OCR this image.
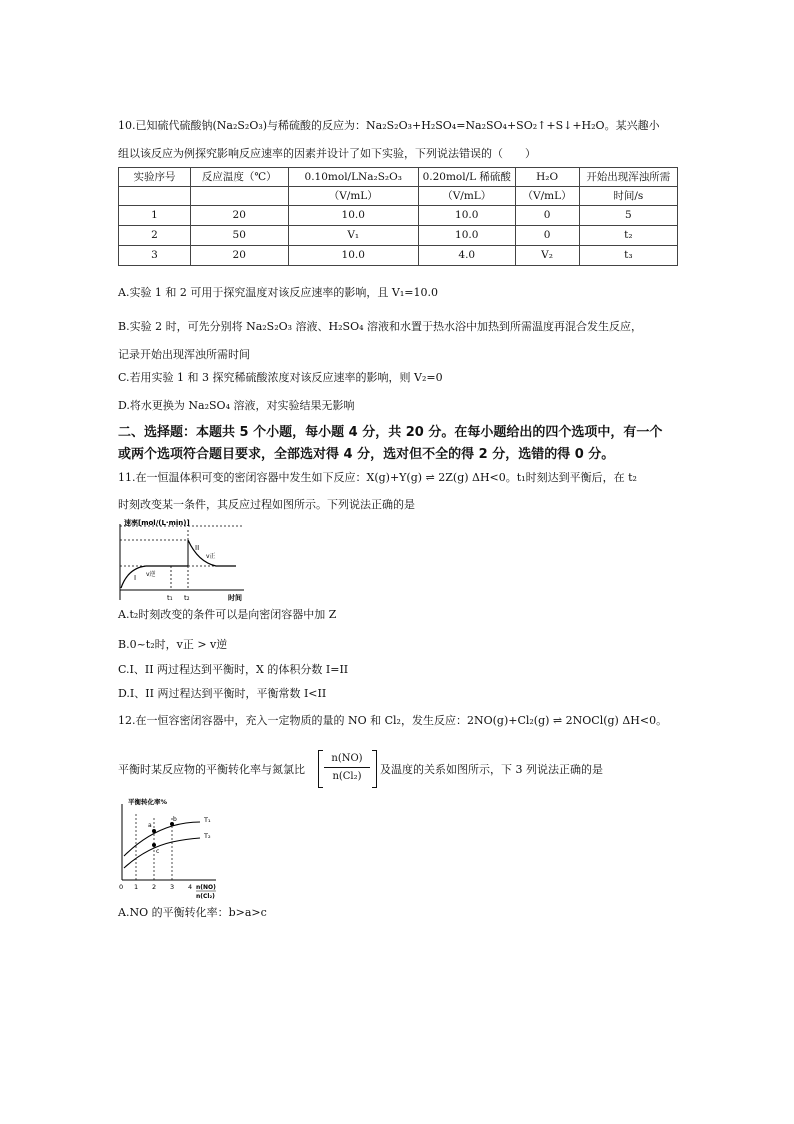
10.已知硫代硫酸钠(Na₂S₂O₃)与稀硫酸的反应为：Na₂S₂O₃+H₂SO₄=Na₂SO₄+SO₂↑+S↓+H₂O。某兴趣小
组以该反应为例探究影响反应速率的因素并设计了如下实验，下列说法错误的（　　）
实验序号	反应温度（℃）	0.10mol/LNa₂S₂O₃	0.20mol/L 稀硫酸	H₂O	开始出现浑浊所需
		（V/mL）	（V/mL）	（V/mL）	时间/s
1	20	10.0	10.0	0	5
2	50	V₁	10.0	0	t₂
3	20	10.0	4.0	V₂	t₃
A.实验 1 和 2 可用于探究温度对该反应速率的影响，且 V₁=10.0
B.实验 2 时，可先分别将 Na₂S₂O₃ 溶液、H₂SO₄ 溶液和水置于热水浴中加热到所需温度再混合发生反应，
记录开始出现浑浊所需时间
C.若用实验 1 和 3 探究稀硫酸浓度对该反应速率的影响，则 V₂=0
D.将水更换为 Na₂SO₄ 溶液，对实验结果无影响
二、选择题：本题共 5 个小题，每小题 4 分，共 20 分。在每小题给出的四个选项中，有一个
或两个选项符合题目要求，全部选对得 4 分，选对但不全的得 2 分，选错的得 0 分。
11.在一恒温体积可变的密闭容器中发生如下反应：X(g)+Y(g) ⇌ 2Z(g) ΔH<0。t₁时刻达到平衡后，在 t₂
时刻改变某一条件，其反应过程如图所示。下列说法正确的是
速率[mol/(L·min)]
I
II
v逆
v正
t₁ t₂	时间
A.t₂时刻改变的条件可以是向密闭容器中加 Z
B.0~t₂时，v正 > v逆
C.I、II 两过程达到平衡时，X 的体积分数 I=II
D.I、II 两过程达到平衡时，平衡常数 I<II
12.在一恒容密闭容器中，充入一定物质的量的 NO 和 Cl₂，发生反应：2NO(g)+Cl₂(g) ⇌ 2NOCl(g) ΔH<0。
平衡时某反应物的平衡转化率与氮氯比 $\frac{n(NO)}{\text{n(Cl₂)}}$ 及温度的关系如图所示，下 3 列说法正确的是
平衡转化率%
a
b
c
T₁
T₂
0 1 2 3 4 n(NO)
n(Cl₂)
A.NO 的平衡转化率：b>a>c
